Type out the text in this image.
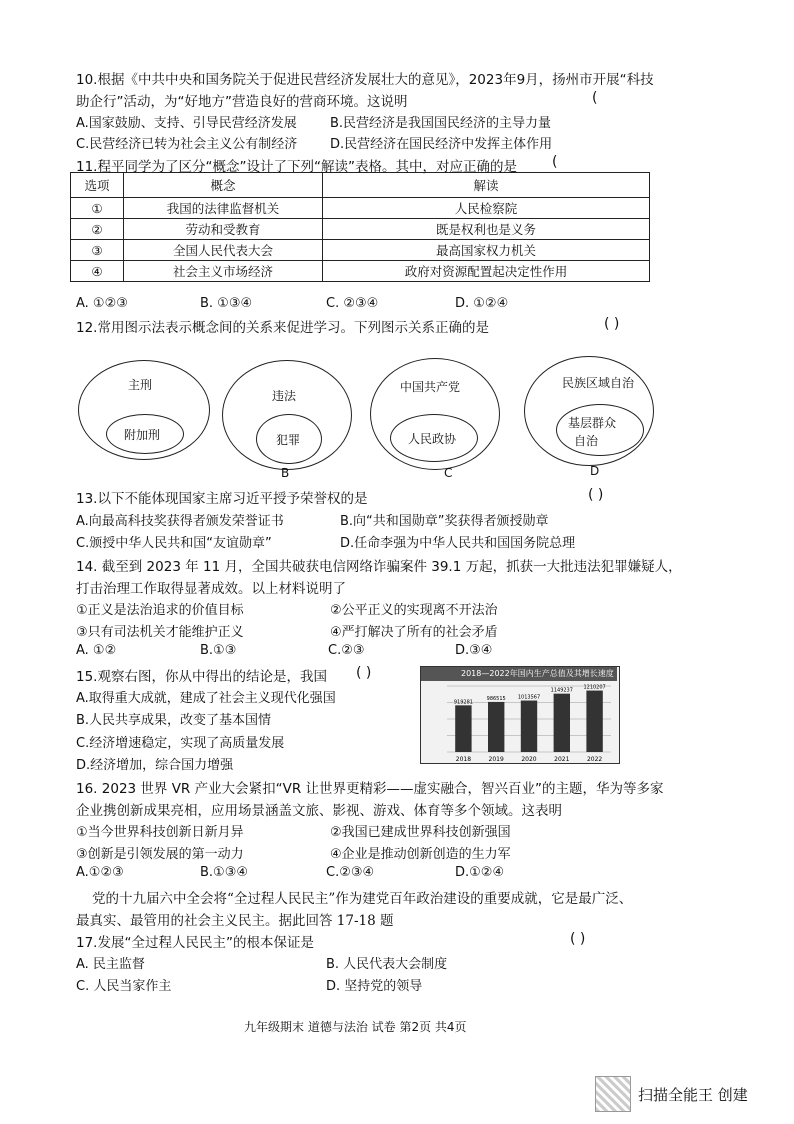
10.根据《中共中央和国务院关于促进民营经济发展壮大的意见》，2023年9月，扬州市开展“科技
助企行”活动，为“好地方”营造良好的营商环境。这说明	(
A.国家鼓励、支持、引导民营经济发展	B.民营经济是我国国民经济的主导力量
C.民营经济已转为社会主义公有制经济	D.民营经济在国民经济中发挥主体作用
11.程平同学为了区分“概念”设计了下列“解读”表格。其中，对应正确的是	(
选项	概念	解读
①	我国的法律监督机关	人民检察院
②	劳动和受教育	既是权利也是义务
③	全国人民代表大会	最高国家权力机关
④	社会主义市场经济	政府对资源配置起决定性作用
A. ①②③	B. ①③④	C. ②③④	D. ①②④
12.常用图示法表示概念间的关系来促进学习。下列图示关系正确的是	( )
主刑
附加刑
违法
犯罪
B
中国共产党
人民政协
C
民族区域自治
基层群众
自治
D
13.以下不能体现国家主席习近平授予荣誉权的是	( )
A.向最高科技奖获得者颁发荣誉证书	B.向“共和国勋章”奖获得者颁授勋章
C.颁授中华人民共和国“友谊勋章”	D.任命李强为中华人民共和国国务院总理
14. 截至到 2023 年 11 月，全国共破获电信网络诈骗案件 39.1 万起，抓获一大批违法犯罪嫌疑人，
打击治理工作取得显著成效。以上材料说明了
①正义是法治追求的价值目标	②公平正义的实现离不开法治
③只有司法机关才能维护正义	④严打解决了所有的社会矛盾
A. ①②	B.①③	C.②③	D.③④
15.观察右图，你从中得出的结论是，我国 ( )
A.取得重大成就，建成了社会主义现代化强国
B.人民共享成果，改变了基本国情
C.经济增速稳定，实现了高质量发展
D.经济增加，综合国力增强
2018—2022年国内生产总值及其增长速度
2018
919281
2019
986515
2020
1013567
2021
1149237
2022
1210207
16. 2023 世界 VR 产业大会紧扣“VR 让世界更精彩——虚实融合，智兴百业”的主题，华为等多家
企业携创新成果亮相，应用场景涵盖文旅、影视、游戏、体育等多个领域。这表明
①当今世界科技创新日新月异	②我国已建成世界科技创新强国
③创新是引领发展的第一动力	④企业是推动创新创造的生力军
A.①②③	B.①③④	C.②③④	D.①②④
党的十九届六中全会将“全过程人民民主”作为建党百年政治建设的重要成就，它是最广泛、
最真实、最管用的社会主义民主。据此回答 17-18 题
17.发展“全过程人民民主”的根本保证是	( )
A. 民主监督	B. 人民代表大会制度
C. 人民当家作主	D. 坚持党的领导
九年级期末 道德与法治 试卷 第2页 共4页
扫描全能王 创建
